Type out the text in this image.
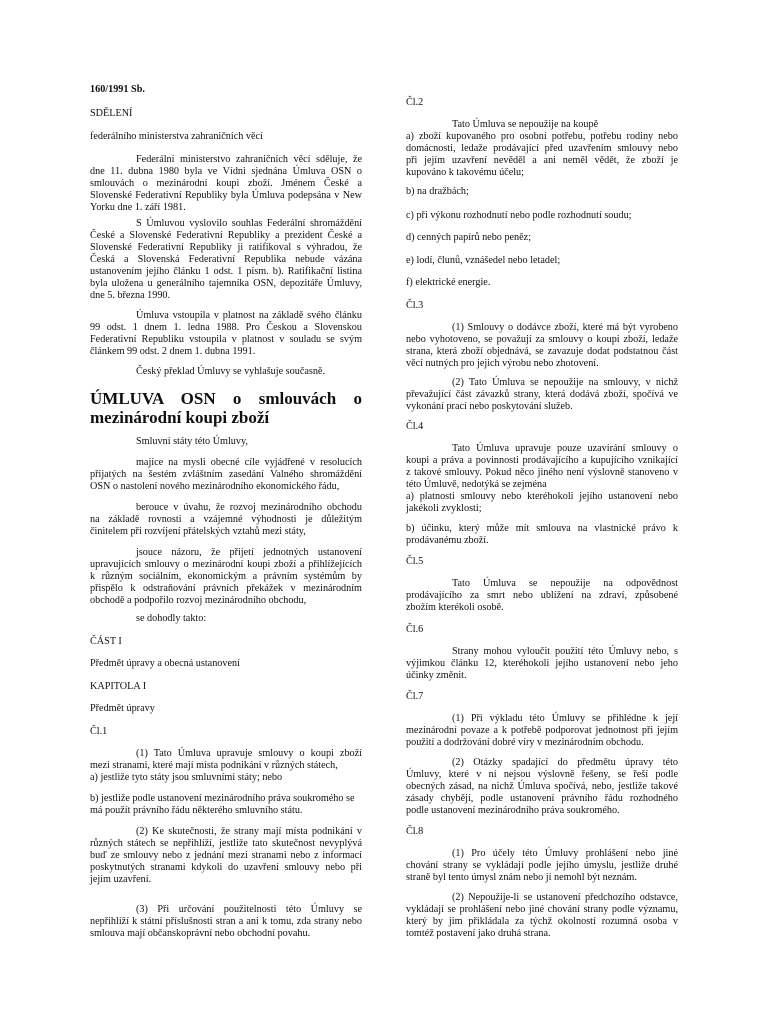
160/1991 Sb.
SDĚLENÍ
federálního ministerstva zahraničních věcí
Federální ministerstvo zahraničních věcí sděluje, že
dne 11. dubna 1980 byla ve Vídni sjednána Úmluva OSN o
smlouvách o mezinárodní koupi zboží. Jménem České a
Slovenské Federativní Republiky byla Úmluva podepsána v New
Yorku dne 1. září 1981.
S Úmluvou vyslovilo souhlas Federální shromáždění
České a Slovenské Federativní Republiky a prezident České a
Slovenské Federativní Republiky ji ratifikoval s výhradou, že
Česká a Slovenská Federativní Republika nebude vázána
ustanovením jejího článku 1 odst. 1 písm. b). Ratifikační listina
byla uložena u generálního tajemníka OSN, depozitáře Úmluvy,
dne 5. března 1990.
Úmluva vstoupila v platnost na základě svého článku
99 odst. 1 dnem 1. ledna 1988. Pro Českou a Slovenskou
Federativní Republiku vstoupila v platnost v souladu se svým
článkem 99 odst. 2 dnem 1. dubna 1991.
Český překlad Úmluvy se vyhlašuje současně.
ÚMLUVA OSN o smlouvách o
mezinárodní koupi zboží
Smluvní státy této Úmluvy,
majíce na mysli obecné cíle vyjádřené v resolucích
přijatých na šestém zvláštním zasedání Valného shromáždění
OSN o nastolení nového mezinárodního ekonomického řádu,
berouce v úvahu, že rozvoj mezinárodního obchodu
na základě rovnosti a vzájemné výhodnosti je důležitým
činitelem při rozvíjení přátelských vztahů mezi státy,
jsouce názoru, že přijetí jednotných ustanovení
upravujících smlouvy o mezinárodní koupi zboží a přihlížejících
k různým sociálním, ekonomickým a právním systémům by
přispělo k odstraňování právních překážek v mezinárodním
obchodě a podpořilo rozvoj mezinárodního obchodu,
se dohodly takto:
ČÁST I
Předmět úpravy a obecná ustanovení
KAPITOLA I
Předmět úpravy
Čl.1
(1) Tato Úmluva upravuje smlouvy o koupi zboží
mezi stranami, které mají místa podnikání v různých státech,
a) jestliže tyto státy jsou smluvními státy; nebo
b) jestliže podle ustanovení mezinárodního práva soukromého se
má použít právního řádu některého smluvního státu.
(2) Ke skutečnosti, že strany mají místa podnikání v
různých státech se nepřihlíží, jestliže tato skutečnost nevyplývá
buď ze smlouvy nebo z jednání mezi stranami nebo z informací
poskytnutých stranami kdykoli do uzavření smlouvy nebo při
jejím uzavření.
(3) Při určování použitelnosti této Úmluvy se
nepřihlíží k státní příslušnosti stran a ani k tomu, zda strany nebo
smlouva mají občanskoprávní nebo obchodní povahu.
Čl.2
Tato Úmluva se nepoužije na koupě
a) zboží kupovaného pro osobní potřebu, potřebu rodiny nebo
domácnosti, ledaže prodávající před uzavřením smlouvy nebo
při jejím uzavření nevěděl a ani neměl vědět, že zboží je
kupováno k takovému účelu;
b) na dražbách;
c) při výkonu rozhodnutí nebo podle rozhodnutí soudu;
d) cenných papírů nebo peněz;
e) lodí, člunů, vznášedel nebo letadel;
f) elektrické energie.
Čl.3
(1) Smlouvy o dodávce zboží, které má být vyrobeno
nebo vyhotoveno, se považují za smlouvy o koupi zboží, ledaže
strana, která zboží objednává, se zavazuje dodat podstatnou část
věcí nutných pro jejich výrobu nebo zhotovení.
(2) Tato Úmluva se nepoužije na smlouvy, v nichž
převažující část závazků strany, která dodává zboží, spočívá ve
vykonání prací nebo poskytování služeb.
Čl.4
Tato Úmluva upravuje pouze uzavírání smlouvy o
koupi a práva a povinnosti prodávajícího a kupujícího vznikající
z takové smlouvy. Pokud něco jiného není výslovně stanoveno v
této Úmluvě, nedotýká se zejména
a) platnosti smlouvy nebo kteréhokoli jejího ustanovení nebo
jakékoli zvyklosti;
b) účinku, který může mít smlouva na vlastnické právo k
prodávanému zboží.
Čl.5
Tato Úmluva se nepoužije na odpovědnost
prodávajícího za smrt nebo ublížení na zdraví, způsobené
zbožím kterékoli osobě.
Čl.6
Strany mohou vyloučit použití této Úmluvy nebo, s
výjimkou článku 12, kteréhokoli jejího ustanovení nebo jeho
účinky změnit.
Čl.7
(1) Při výkladu této Úmluvy se přihlédne k její
mezinárodní povaze a k potřebě podporovat jednotnost při jejím
použití a dodržování dobré víry v mezinárodním obchodu.
(2) Otázky spadající do předmětu úpravy této
Úmluvy, které v ní nejsou výslovně řešeny, se řeší podle
obecných zásad, na nichž Úmluva spočívá, nebo, jestliže takové
zásady chybějí, podle ustanovení právního řádu rozhodného
podle ustanovení mezinárodního práva soukromého.
Čl.8
(1) Pro účely této Úmluvy prohlášení nebo jiné
chování strany se vykládají podle jejího úmyslu, jestliže druhé
straně byl tento úmysl znám nebo jí nemohl být neznám.
(2) Nepoužije-li se ustanovení předchozího odstavce,
vykládají se prohlášení nebo jiné chování strany podle významu,
který by jim přikládala za týchž okolností rozumná osoba v
tomtéž postavení jako druhá strana.
